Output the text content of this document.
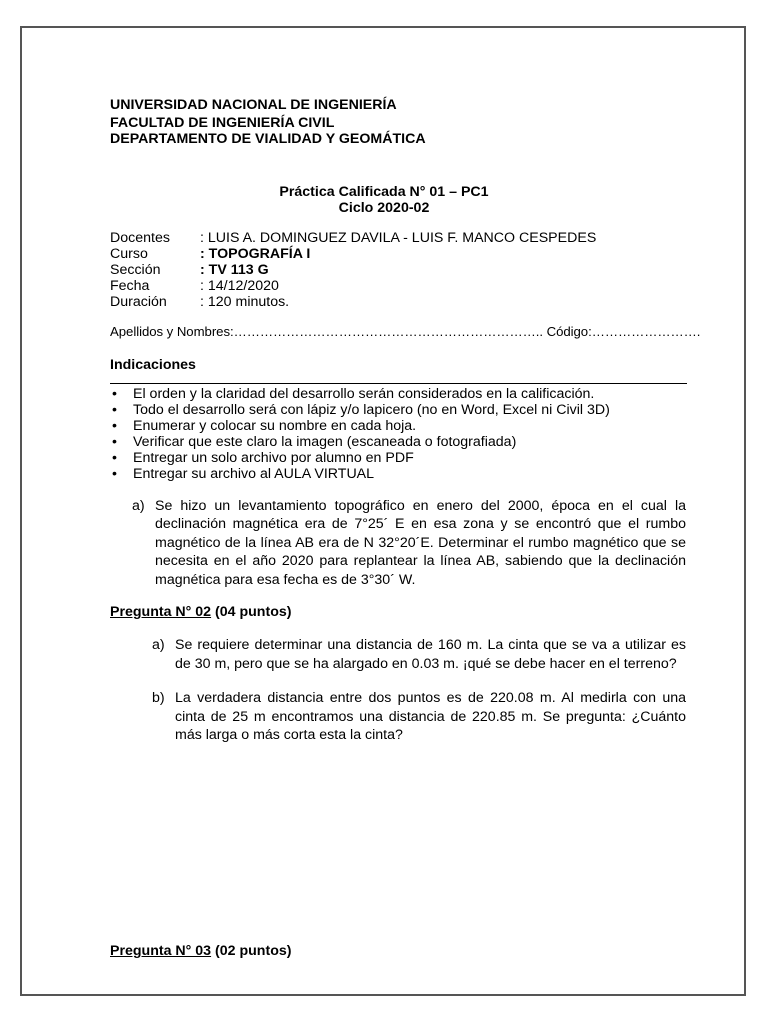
UNIVERSIDAD NACIONAL DE INGENIERÍA
FACULTAD DE INGENIERÍA CIVIL
DEPARTAMENTO DE VIALIDAD Y GEOMÁTICA
Práctica Calificada N° 01 – PC1
Ciclo 2020-02
Docentes : LUIS A. DOMINGUEZ DAVILA - LUIS F. MANCO CESPEDES
Curso	: TOPOGRAFÍA I
Sección	: TV 113 G
Fecha	: 14/12/2020
Duración : 120 minutos.
Apellidos y Nombres:…………………………………………………………….. Código:…………………….
Indicaciones
• El orden y la claridad del desarrollo serán considerados en la calificación.
• Todo el desarrollo será con lápiz y/o lapicero (no en Word, Excel ni Civil 3D)
• Enumerar y colocar su nombre en cada hoja.
• Verificar que este claro la imagen (escaneada o fotografiada)
• Entregar un solo archivo por alumno en PDF
• Entregar su archivo al AULA VIRTUAL
a) Se hizo un levantamiento topográfico en enero del 2000, época en el cual la declinación magnética era de 7°25´ E en esa zona y se encontró que el rumbo magnético de la línea AB era de N 32°20´E. Determinar el rumbo magnético que se necesita en el año 2020 para replantear la línea AB, sabiendo que la declinación magnética para esa fecha es de 3°30´ W.
Pregunta N° 02 (04 puntos)
a) Se requiere determinar una distancia de 160 m. La cinta que se va a utilizar es de 30 m, pero que se ha alargado en 0.03 m. ¡qué se debe hacer en el terreno?
b) La verdadera distancia entre dos puntos es de 220.08 m. Al medirla con una cinta de 25 m encontramos una distancia de 220.85 m. Se pregunta: ¿Cuánto más larga o más corta esta la cinta?
Pregunta N° 03 (02 puntos)
